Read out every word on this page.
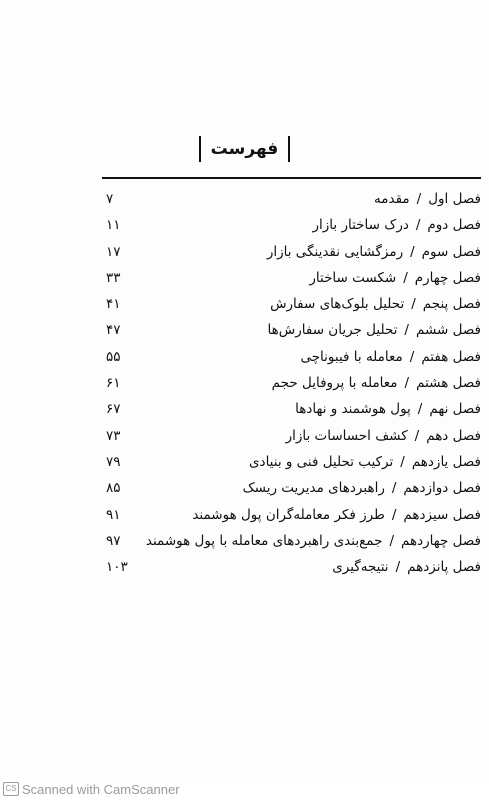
فهرست
فصل اول/مقدمه
۷
فصل دوم/درک ساختار بازار
۱۱
فصل سوم/رمزگشایی نقدینگی بازار
۱۷
فصل چهارم/شکست ساختار
۳۳
فصل پنجم/تحلیل بلوک‌های سفارش
۴۱
فصل ششم/تحلیل جریان سفارش‌ها
۴۷
فصل هفتم/معامله با فیبوناچی
۵۵
فصل هشتم/معامله با پروفایل حجم
۶۱
فصل نهم/پول هوشمند و نهادها
۶۷
فصل دهم/کشف احساسات بازار
۷۳
فصل یازدهم/ترکیب تحلیل فنی و بنیادی
۷۹
فصل دوازدهم/راهبردهای مدیریت ریسک
۸۵
فصل سیزدهم/طرز فکر معامله‌گران پول هوشمند
۹۱
فصل چهاردهم/جمع‌بندی راهبردهای معامله با پول هوشمند
۹۷
فصل پانزدهم/نتیجه‌گیری
۱۰۳
CS Scanned with CamScanner
